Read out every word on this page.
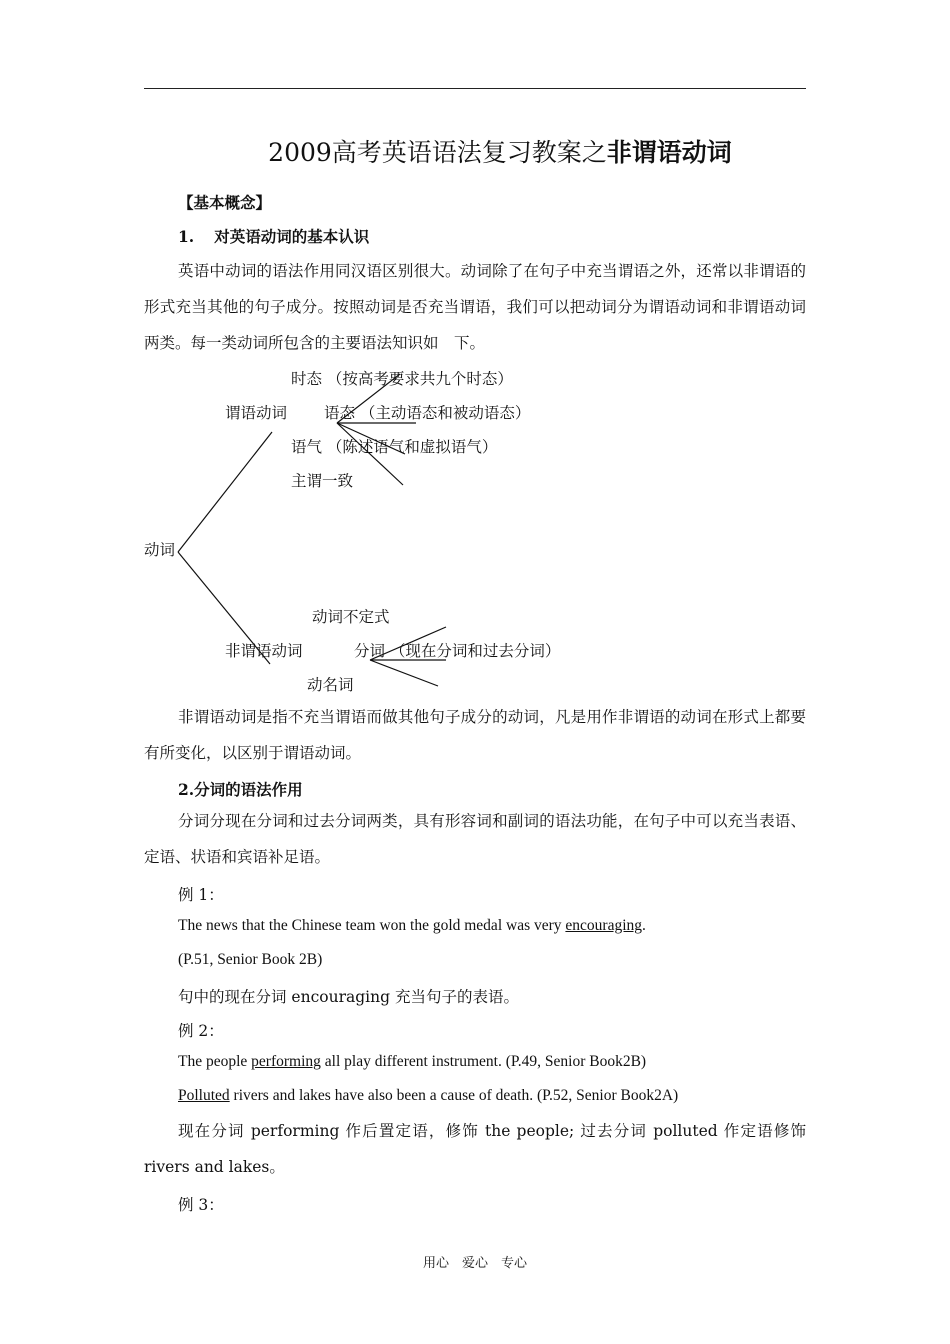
2009高考英语语法复习教案之非谓语动词
【基本概念】
1. 对英语动词的基本认识
英语中动词的语法作用同汉语区别很大。动词除了在句子中充当谓语之外，还常以非谓语的形式充当其他的句子成分。按照动词是否充当谓语，我们可以把动词分为谓语动词和非谓语动词两类。每一类动词所包含的主要语法知识如　下。
动词
谓语动词
时态 （按高考要求共九个时态）
语态 （主动语态和被动语态）
语气 （陈述语气和虚拟语气）
主谓一致
非谓语动词
动词不定式
分词 （现在分词和过去分词）
动名词
非谓语动词是指不充当谓语而做其他句子成分的动词，凡是用作非谓语的动词在形式上都要有所变化，以区别于谓语动词。
2.分词的语法作用
分词分现在分词和过去分词两类，具有形容词和副词的语法功能，在句子中可以充当表语、定语、状语和宾语补足语。
例 1：
The news that the Chinese team won the gold medal was very encouraging.
(P.51, Senior Book 2B)
句中的现在分词 encouraging 充当句子的表语。
例 2：
The people performing all play different instrument. (P.49, Senior Book2B)
Polluted rivers and lakes have also been a cause of death. (P.52, Senior Book2A)
现在分词 performing 作后置定语，修饰 the people; 过去分词 polluted 作定语修饰 rivers and lakes。
例 3：
用心　爱心　专心
